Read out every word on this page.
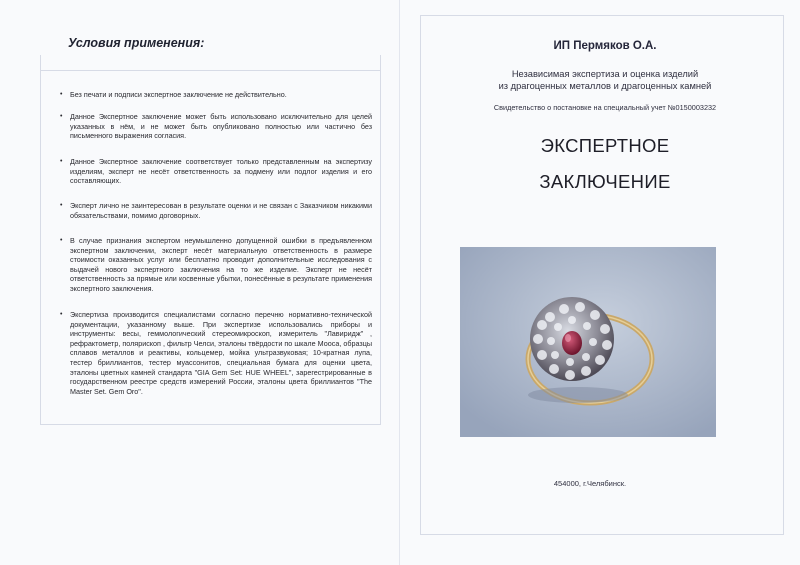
Условия применения:
• Без печати и подписи экспертное заключение не действительно.
• Данное Экспертное заключение может быть использовано исключительно для целей указанных в нём, и не может быть опубликовано полностью или частично без письменного выражения согласия.
• Данное Экспертное заключение соответствует только представленным на экспертизу изделиям, эксперт не несёт ответственность за подмену или подлог изделия и его составляющих.
• Эксперт лично не заинтересован в результате оценки и не связан с Заказчиком никакими обязательствами, помимо договорных.
• В случае признания экспертом неумышленно допущенной ошибки в предъявленном экспертном заключении, эксперт несёт материальную ответственность в размере стоимости оказанных услуг или бесплатно проводит дополнительные исследования с выдачей нового экспертного заключения на то же изделие. Эксперт не несёт ответственность за прямые или косвенные убытки, понесённые в результате применения экспертного заключения.
• Экспертиза производится специалистами согласно перечню нормативно-технической документации, указанному выше. При экспертизе использовались приборы и инструменты: весы, геммологический стереомикроскоп, измеритель "Лавиридж" , рефрактометр, полярископ , фильтр Челси, эталоны твёрдости по шкале Мооса, образцы сплавов металлов и реактивы, кольцемер, мойка ультразвуковая; 10-кратная лупа, тестер бриллиантов, тестер муассонитов, специальная бумага для оценки цвета, эталоны цветных камней стандарта "GIA Gem Set: HUE WHEEL", зарегестрированные в государственном реестре средств измерений России, эталоны цвета бриллиантов "The Master Set. Gem Oro".
ИП Пермяков О.А.
Независимая экспертиза и оценка изделий
из драгоценных металлов и драгоценных камней
Свидетельство о постановке на специальный учет №0150003232
ЭКСПЕРТНОЕ
ЗАКЛЮЧЕНИЕ
454000, г.Челябинск.
